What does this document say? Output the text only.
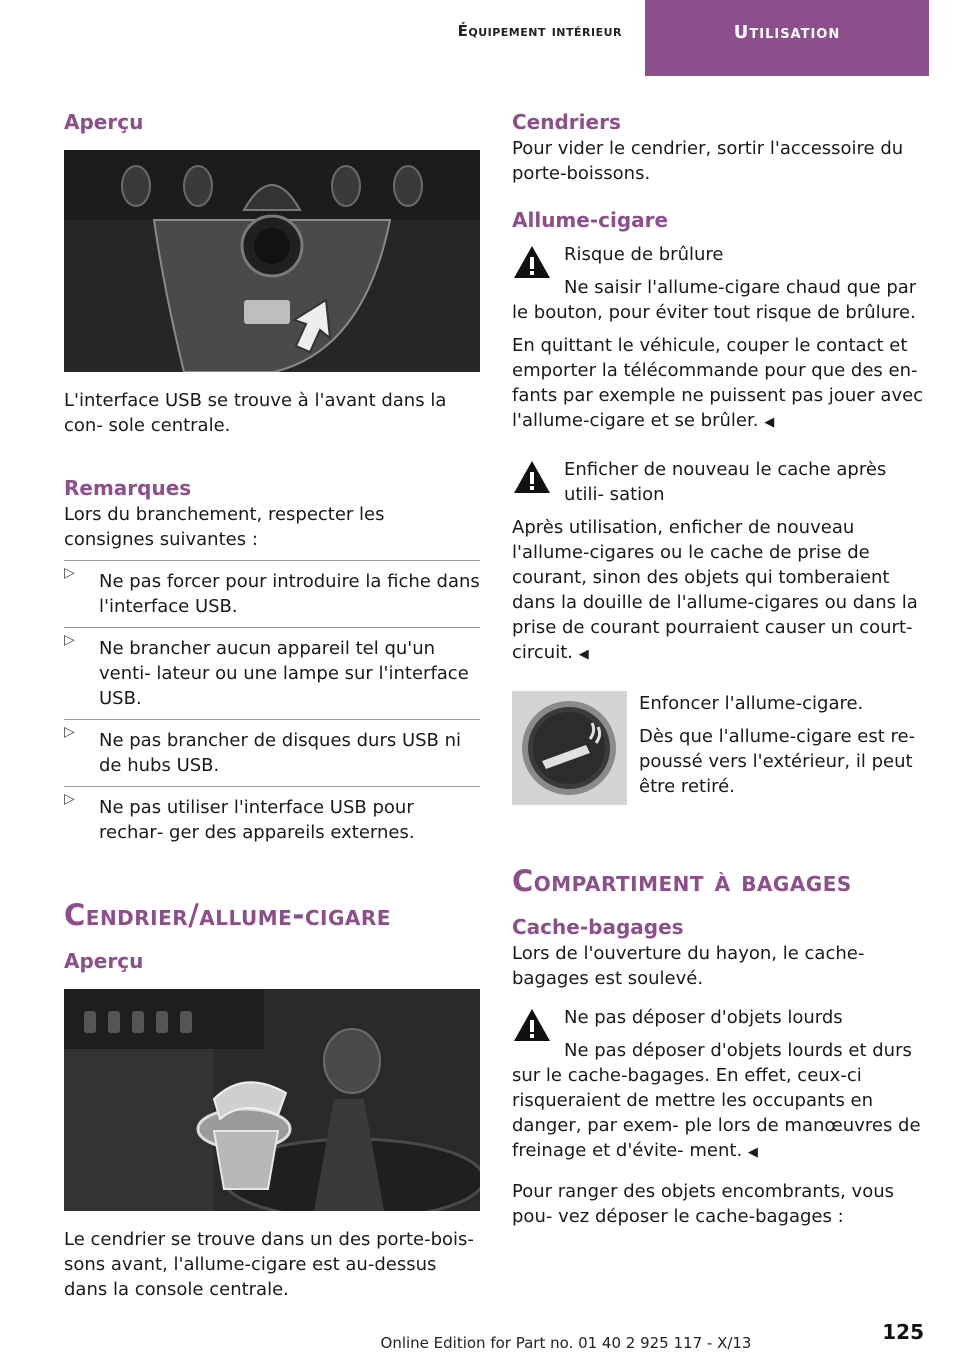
Équipement intérieur	Utilisation
Aperçu

L'interface USB se trouve à l'avant dans la con‐ sole centrale.

Remarques

Lors du branchement, respecter les consignes suivantes :

▷ Ne pas forcer pour introduire la fiche dans l'interface USB.
▷ Ne brancher aucun appareil tel qu'un venti‐ lateur ou une lampe sur l'interface USB.
▷ Ne pas brancher de disques durs USB ni de hubs USB.
▷ Ne pas utiliser l'interface USB pour rechar‐ ger des appareils externes.
Cendrier/allume-cigare
Aperçu

Le cendrier se trouve dans un des porte-bois‐ sons avant, l'allume-cigare est au-dessus dans la console centrale.

Cendriers

Pour vider le cendrier, sortir l'accessoire du porte-boissons.

Allume-cigare
Risque de brûlure

Ne saisir l'allume-cigare chaud que par le bouton, pour éviter tout risque de brûlure.

En quittant le véhicule, couper le contact et emporter la télécommande pour que des en‐ fants par exemple ne puissent pas jouer avec l'allume-cigare et se brûler. ◀

Enficher de nouveau le cache après utili‐ sation

Après utilisation, enficher de nouveau l'allume-cigares ou le cache de prise de courant, sinon des objets qui tomberaient dans la douille de l'allume-cigares ou dans la prise de courant pourraient causer un court-circuit. ◀

Enfoncer l'allume-cigare.

Dès que l'allume-cigare est re‐ poussé vers l'extérieur, il peut être retiré.

Compartiment à bagages
Cache-bagages

Lors de l'ouverture du hayon, le cache-bagages est soulevé.

Ne pas déposer d'objets lourds

Ne pas déposer d'objets lourds et durs sur le cache-bagages. En effet, ceux-ci risqueraient de mettre les occupants en danger, par exem‐ ple lors de manœuvres de freinage et d'évite‐ ment. ◀

Pour ranger des objets encombrants, vous pou‐ vez déposer le cache-bagages :

Online Edition for Part no. 01 40 2 925 117 - X/13	125
